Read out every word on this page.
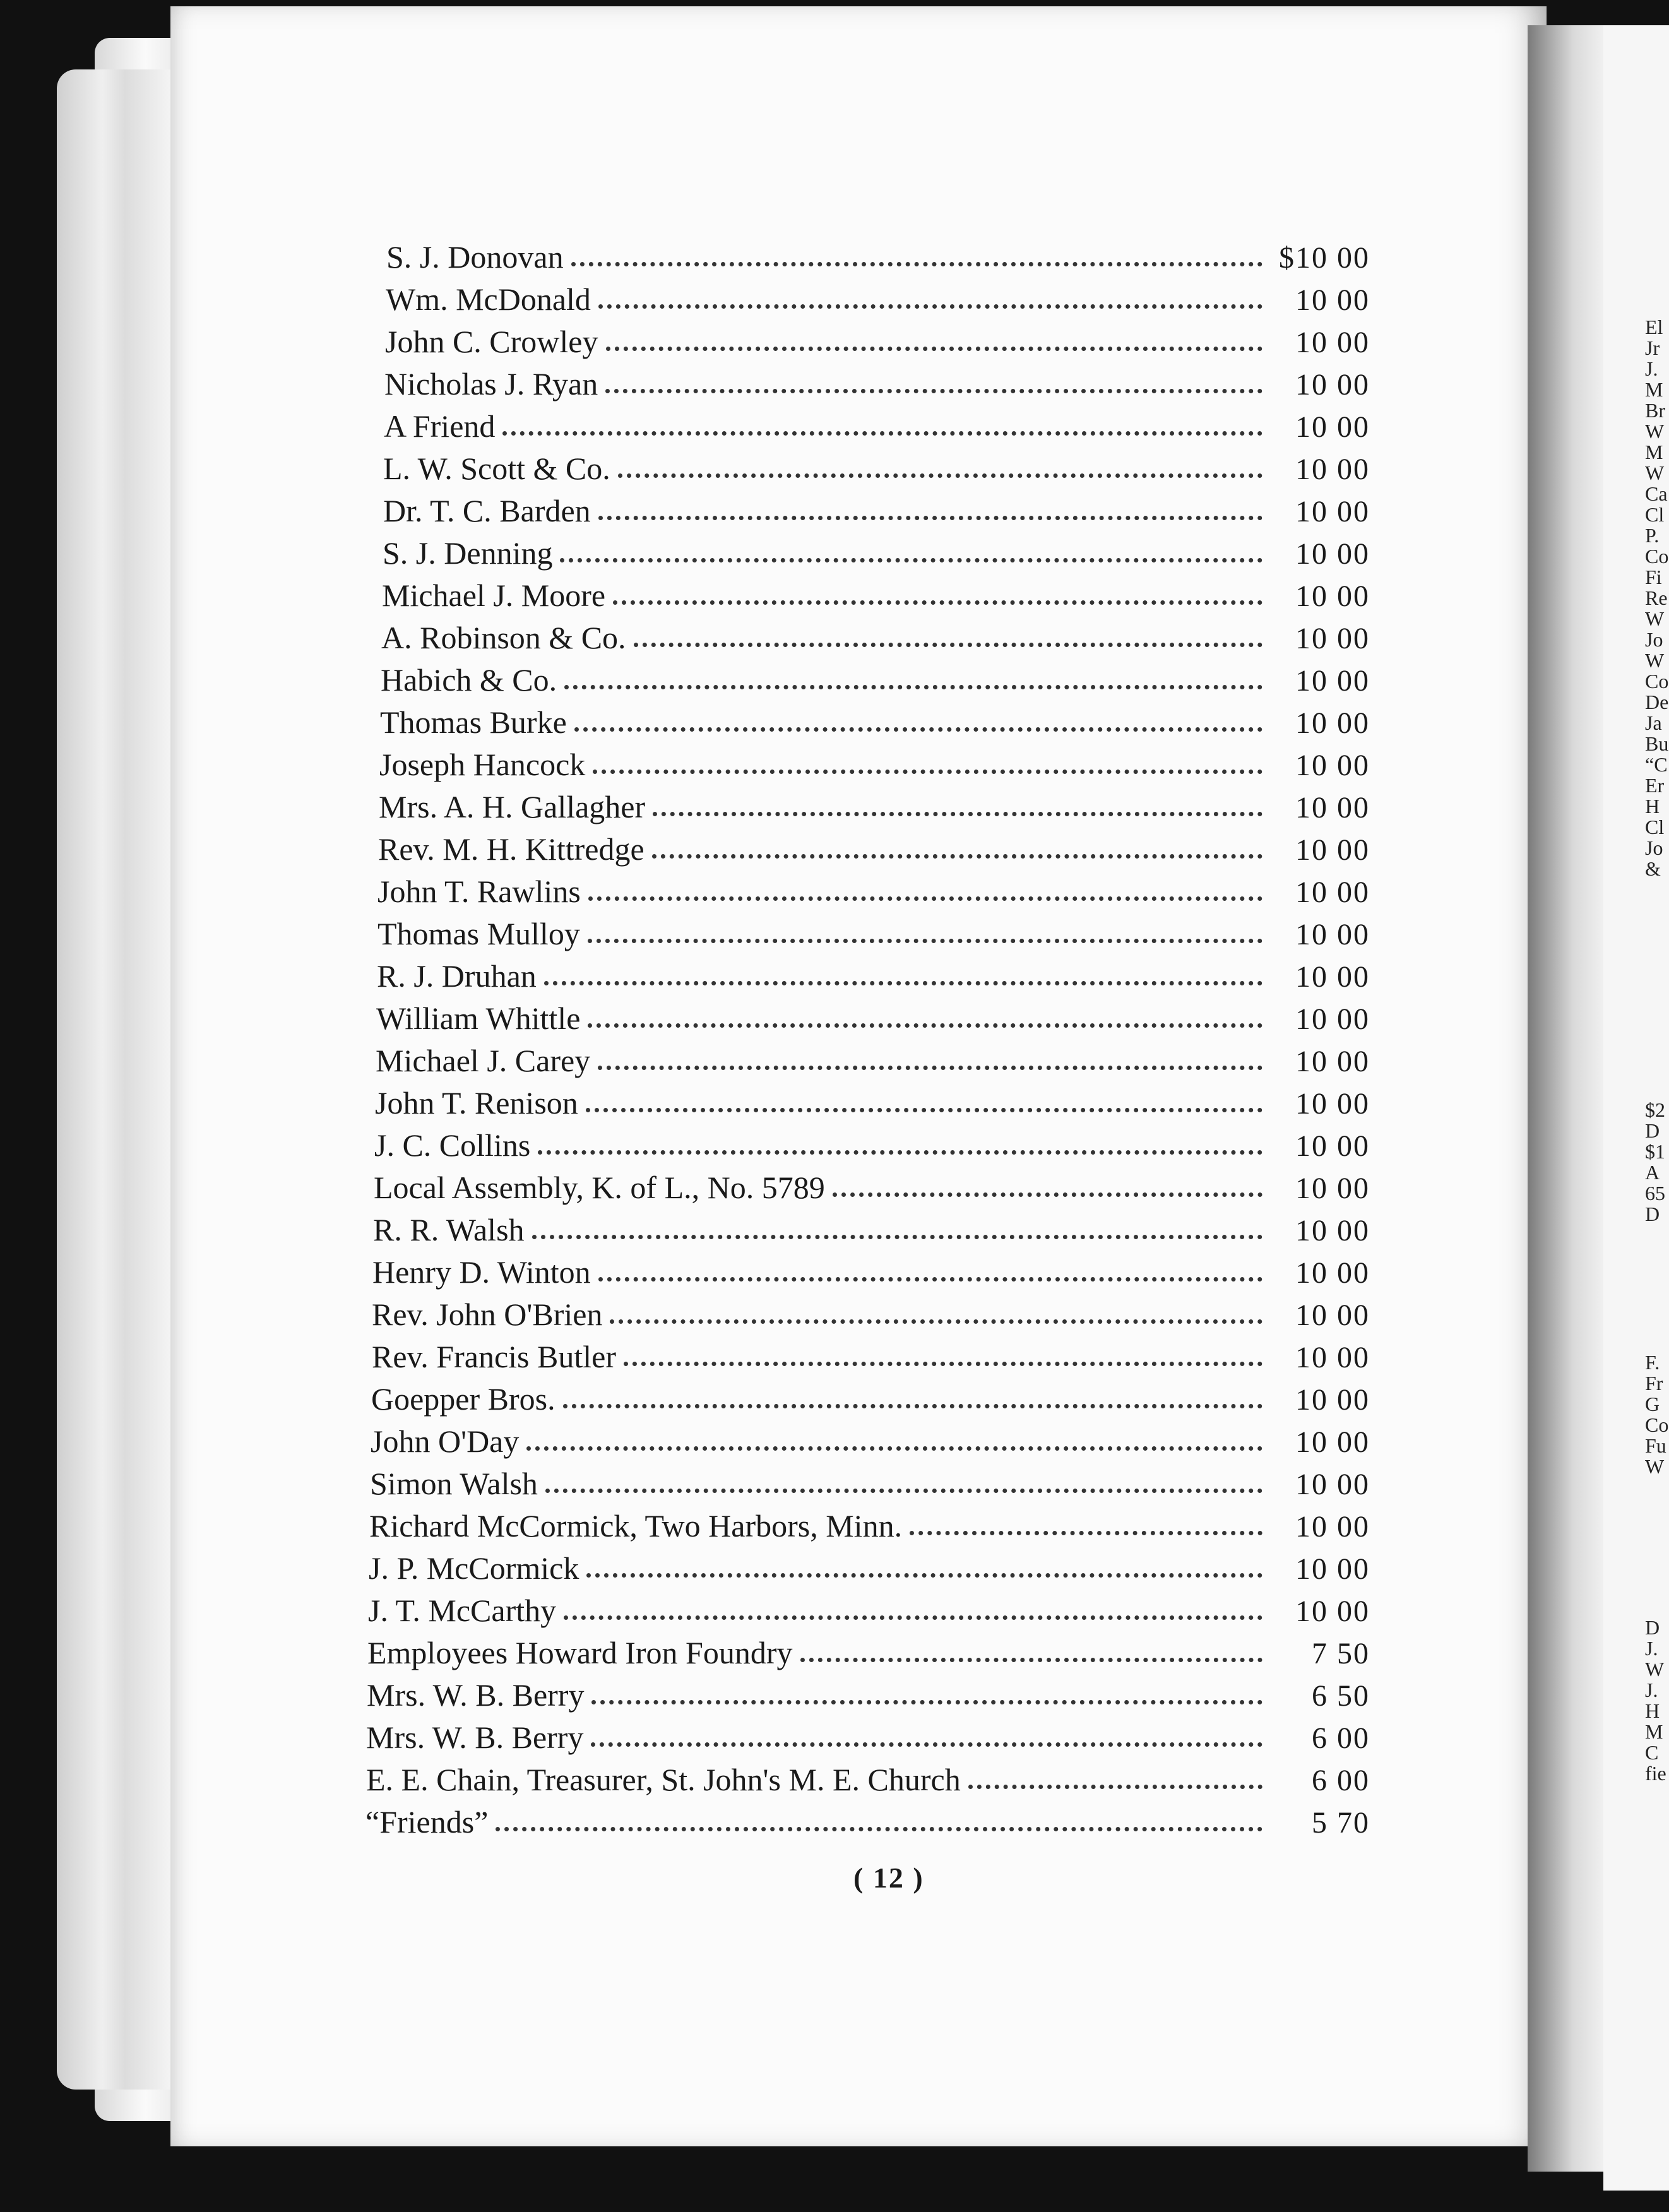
S. J. Donovan	$10 00
Wm. McDonald	10 00
John C. Crowley	10 00
Nicholas J. Ryan	10 00
A Friend	10 00
L. W. Scott & Co.	10 00
Dr. T. C. Barden	10 00
S. J. Denning	10 00
Michael J. Moore	10 00
A. Robinson & Co.	10 00
Habich & Co.	10 00
Thomas Burke	10 00
Joseph Hancock	10 00
Mrs. A. H. Gallagher	10 00
Rev. M. H. Kittredge	10 00
John T. Rawlins	10 00
Thomas Mulloy	10 00
R. J. Druhan	10 00
William Whittle	10 00
Michael J. Carey	10 00
John T. Renison	10 00
J. C. Collins	10 00
Local Assembly, K. of L., No. 5789	10 00
R. R. Walsh	10 00
Henry D. Winton	10 00
Rev. John O'Brien	10 00
Rev. Francis Butler	10 00
Goepper Bros.	10 00
John O'Day	10 00
Simon Walsh	10 00
Richard McCormick, Two Harbors, Minn.	10 00
J. P. McCormick	10 00
J. T. McCarthy	10 00
Employees Howard Iron Foundry	7 50
Mrs. W. B. Berry	6 50
Mrs. W. B. Berry	6 00
E. E. Chain, Treasurer, St. John's M. E. Church	6 00
“Friends”	5 70
El
Jr
J.
M
Br
W
M
W
Ca
Cl
P.
Co
Fi
Re
W
Jo
W
Co
De
Ja
Bu
“C
Er
H
Cl
Jo
&
$2
D
$1
A
65
D
F.
Fr
G
Co
Fu
W
D
J.
W
J.
H
M
C
fie
( 12 )
